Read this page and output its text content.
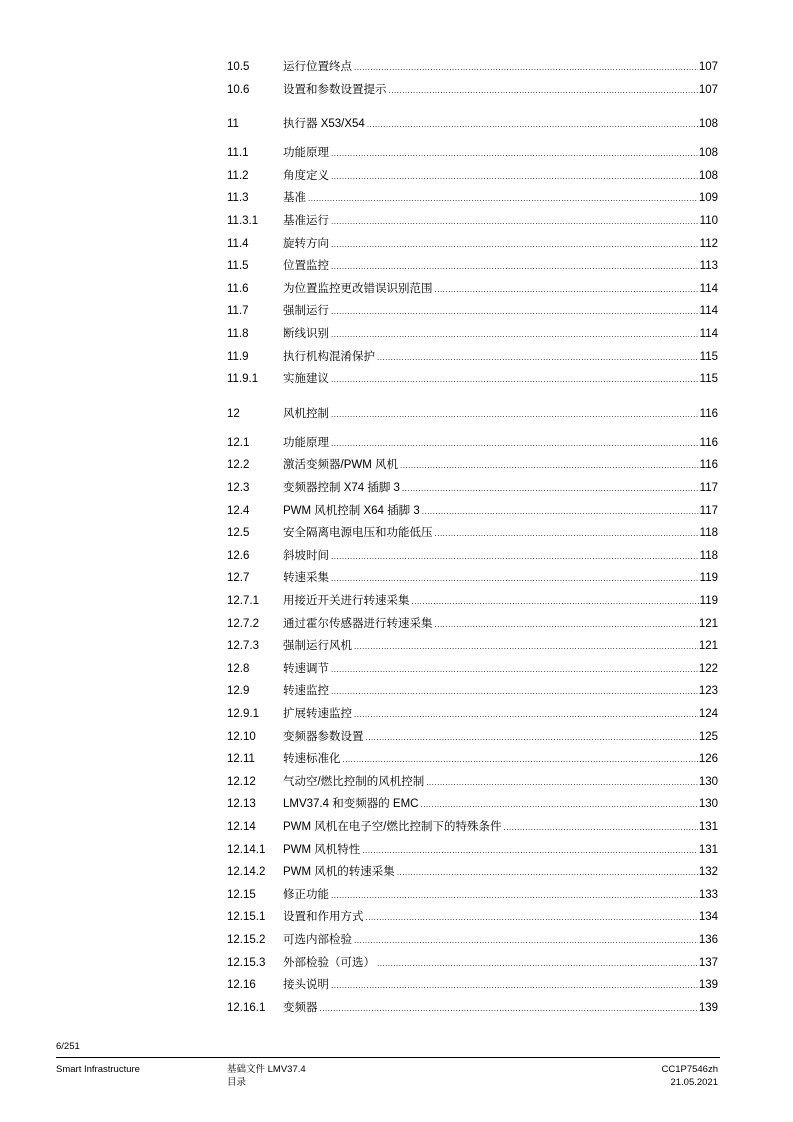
10.5	运行位置终点 .....	107
10.6	设置和参数设置提示 .....	107
11	执行器 X53/X54 .....	108
11.1	功能原理 .....	108
11.2	角度定义 .....	108
11.3	基准 .....	109
11.3.1	基准运行 .....	110
11.4	旋转方向 .....	112
11.5	位置监控 .....	113
11.6	为位置监控更改错误识别范围 .....	114
11.7	强制运行 .....	114
11.8	断线识别 .....	114
11.9	执行机构混淆保护 .....	115
11.9.1	实施建议 .....	115
12	风机控制 .....	116
12.1	功能原理 .....	116
12.2	激活变频器/PWM 风机 .....	116
12.3	变频器控制 X74 插脚 3 .....	117
12.4	PWM 风机控制 X64 插脚 3 .....	117
12.5	安全隔离电源电压和功能低压 .....	118
12.6	斜坡时间 .....	118
12.7	转速采集 .....	119
12.7.1	用接近开关进行转速采集 .....	119
12.7.2	通过霍尔传感器进行转速采集 .....	121
12.7.3	强制运行风机 .....	121
12.8	转速调节 .....	122
12.9	转速监控 .....	123
12.9.1	扩展转速监控 .....	124
12.10	变频器参数设置 .....	125
12.11	转速标准化 .....	126
12.12	气动空/燃比控制的风机控制 .....	130
12.13	LMV37.4 和变频器的 EMC .....	130
12.14	PWM 风机在电子空/燃比控制下的特殊条件 .....	131
12.14.1	PWM 风机特性 .....	131
12.14.2	PWM 风机的转速采集 .....	132
12.15	修正功能 .....	133
12.15.1	设置和作用方式 .....	134
12.15.2	可选内部检验 .....	136
12.15.3	外部检验（可选） .....	137
12.16	接头说明 .....	139
12.16.1	变频器 .....	139
6/251
Smart Infrastructure	基础文件 LMV37.4
目录
CC1P7546zh
21.05.2021
